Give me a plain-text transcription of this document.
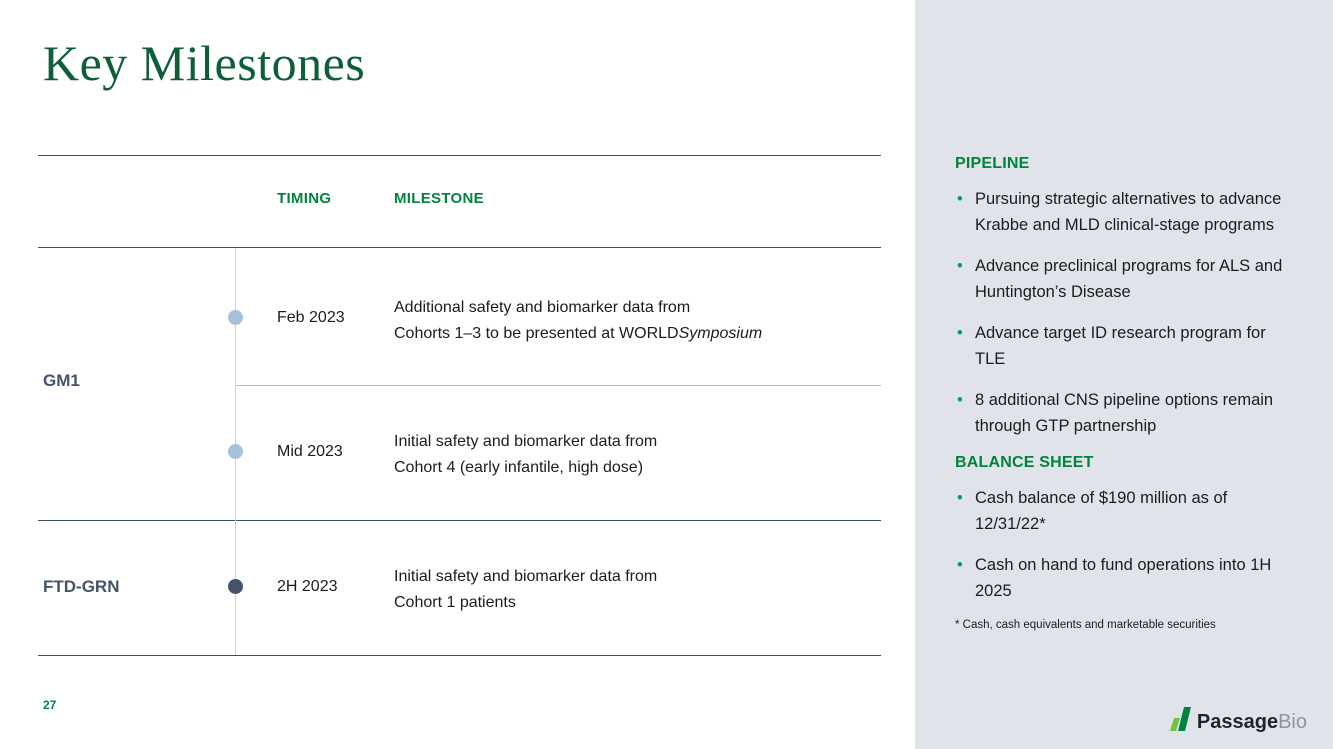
Key Milestones
TIMING	MILESTONE
GM1
FTD-GRN
Feb 2023
Additional safety and biomarker data from
Cohorts 1–3 to be presented at WORLDSymposium
Mid 2023
Initial safety and biomarker data from
Cohort 4 (early infantile, high dose)
2H 2023
Initial safety and biomarker data from
Cohort 1 patients
27
PIPELINE
• Pursuing strategic alternatives to advance Krabbe and MLD clinical-stage programs
• Advance preclinical programs for ALS and Huntington’s Disease
• Advance target ID research program for TLE
• 8 additional CNS pipeline options remain through GTP partnership
BALANCE SHEET
• Cash balance of $190 million as of 12/31/22*
• Cash on hand to fund operations into 1H 2025
* Cash, cash equivalents and marketable securities
PassageBio
